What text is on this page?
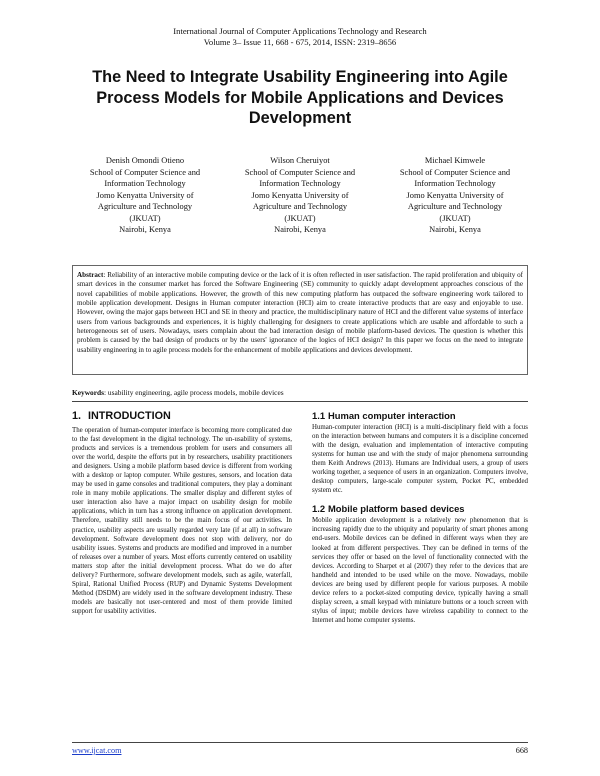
International Journal of Computer Applications Technology and Research
Volume 3– Issue 11, 668 - 675, 2014, ISSN: 2319–8656
The Need to Integrate Usability Engineering into Agile Process Models for Mobile Applications and Devices Development
Denish Omondi Otieno
School of Computer Science and
Information Technology
Jomo Kenyatta University of
Agriculture and Technology
(JKUAT)
Nairobi, Kenya
Wilson Cheruiyot
School of Computer Science and
Information Technology
Jomo Kenyatta University of
Agriculture and Technology
(JKUAT)
Nairobi, Kenya
Michael Kimwele
School of Computer Science and
Information Technology
Jomo Kenyatta University of
Agriculture and Technology
(JKUAT)
Nairobi, Kenya

Abstract: Reliability of an interactive mobile computing device or the lack of it is often reflected in user satisfaction. The rapid proliferation and ubiquity of smart devices in the consumer market has forced the Software Engineering (SE) community to quickly adapt development approaches conscious of the novel capabilities of mobile applications. However, the growth of this new computing platform has outpaced the software engineering work tailored to mobile application development. Designs in Human computer interaction (HCI) aim to create interactive products that are easy and enjoyable to use. However, owing the major gaps between HCI and SE in theory and practice, the multidisciplinary nature of HCI and the different value systems of interface users from various backgrounds and experiences, it is highly challenging for designers to create applications which are usable and affordable to such a heterogeneous set of users. Nowadays, users complain about the bad interaction design of mobile platform-based devices. The question is whether this problem is caused by the bad design of products or by the users' ignorance of the logics of HCI design? In this paper we focus on the need to integrate usability engineering in to agile process models for the enhancement of mobile applications and devices development.

Keywords: usability engineering, agile process models, mobile devices
1. INTRODUCTION

The operation of human-computer interface is becoming more complicated due to the fast development in the digital technology. The un-usability of systems, products and services is a tremendous problem for users and consumers all over the world, despite the efforts put in by researchers, usability practitioners and designers. Using a mobile platform based device is different from working with a desktop or laptop computer. While gestures, sensors, and location data may be used in game consoles and traditional computers, they play a dominant role in many mobile applications. The smaller display and different styles of user interaction also have a major impact on usability design for mobile applications, which in turn has a strong influence on application development. Therefore, usability still needs to be the main focus of our activities. In practice, usability aspects are usually regarded very late (if at all) in software development. Software development does not stop with delivery, nor do usability issues. Systems and products are modified and improved in a number of releases over a number of years. Most efforts currently centered on usability matters stop after the initial development process. What do we do after delivery? Furthermore, software development models, such as agile, waterfall, Spiral, Rational Unified Process (RUP) and Dynamic Systems Development Method (DSDM) are widely used in the software development industry. These models are basically not user-centered and most of them provide limited support for usability activities.

1.1 Human computer interaction

Human-computer interaction (HCI) is a multi-disciplinary field with a focus on the interaction between humans and computers it is a discipline concerned with the design, evaluation and implementation of interactive computing systems for human use and with the study of major phenomena surrounding them Keith Andrews (2013). Humans are Individual users, a group of users working together, a sequence of users in an organization. Computers involve, desktop computers, large-scale computer system, Pocket PC, embedded system etc.

1.2 Mobile platform based devices

Mobile application development is a relatively new phenomenon that is increasing rapidly due to the ubiquity and popularity of smart phones among end-users. Mobile devices can be defined in different ways when they are looked at from different perspectives. They can be defined in terms of the services they offer or based on the level of functionality connected with the devices. According to Sharpet et al (2007) they refer to the devices that are handheld and intended to be used while on the move. Nowadays, mobile devices are being used by different people for various purposes. A mobile device refers to a pocket-sized computing device, typically having a small display screen, a small keypad with miniature buttons or a touch screen with stylus of input; mobile devices have wireless capability to connect to the Internet and home computer systems.

www.ijcat.com	668
